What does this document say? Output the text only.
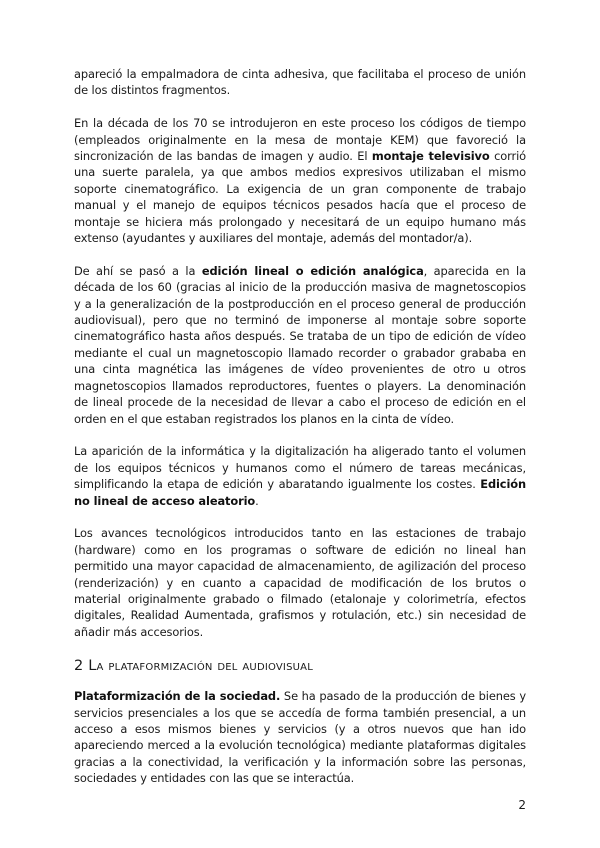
apareció la empalmadora de cinta adhesiva, que facilitaba el proceso de unión de los distintos fragmentos.

En la década de los 70 se introdujeron en este proceso los códigos de tiempo (empleados originalmente en la mesa de montaje KEM) que favoreció la sincronización de las bandas de imagen y audio. El montaje televisivo corrió una suerte paralela, ya que ambos medios expresivos utilizaban el mismo soporte cinematográfico. La exigencia de un gran componente de trabajo manual y el manejo de equipos técnicos pesados hacía que el proceso de montaje se hiciera más prolongado y necesitará de un equipo humano más extenso (ayudantes y auxiliares del montaje, además del montador/a).

De ahí se pasó a la edición lineal o edición analógica, aparecida en la década de los 60 (gracias al inicio de la producción masiva de magnetoscopios y a la generalización de la postproducción en el proceso general de producción audiovisual), pero que no terminó de imponerse al montaje sobre soporte cinematográfico hasta años después. Se trataba de un tipo de edición de vídeo mediante el cual un magnetoscopio llamado recorder o grabador grababa en una cinta magnética las imágenes de vídeo provenientes de otro u otros magnetoscopios llamados reproductores, fuentes o players. La denominación de lineal procede de la necesidad de llevar a cabo el proceso de edición en el orden en el que estaban registrados los planos en la cinta de vídeo.

La aparición de la informática y la digitalización ha aligerado tanto el volumen de los equipos técnicos y humanos como el número de tareas mecánicas, simplificando la etapa de edición y abaratando igualmente los costes. Edición no lineal de acceso aleatorio.

Los avances tecnológicos introducidos tanto en las estaciones de trabajo (hardware) como en los programas o software de edición no lineal han permitido una mayor capacidad de almacenamiento, de agilización del proceso (renderización) y en cuanto a capacidad de modificación de los brutos o material originalmente grabado o filmado (etalonaje y colorimetría, efectos digitales, Realidad Aumentada, grafismos y rotulación, etc.) sin necesidad de añadir más accesorios.

2 La plataformización del audiovisual

Plataformización de la sociedad. Se ha pasado de la producción de bienes y servicios presenciales a los que se accedía de forma también presencial, a un acceso a esos mismos bienes y servicios (y a otros nuevos que han ido apareciendo merced a la evolución tecnológica) mediante plataformas digitales gracias a la conectividad, la verificación y la información sobre las personas, sociedades y entidades con las que se interactúa.

2
